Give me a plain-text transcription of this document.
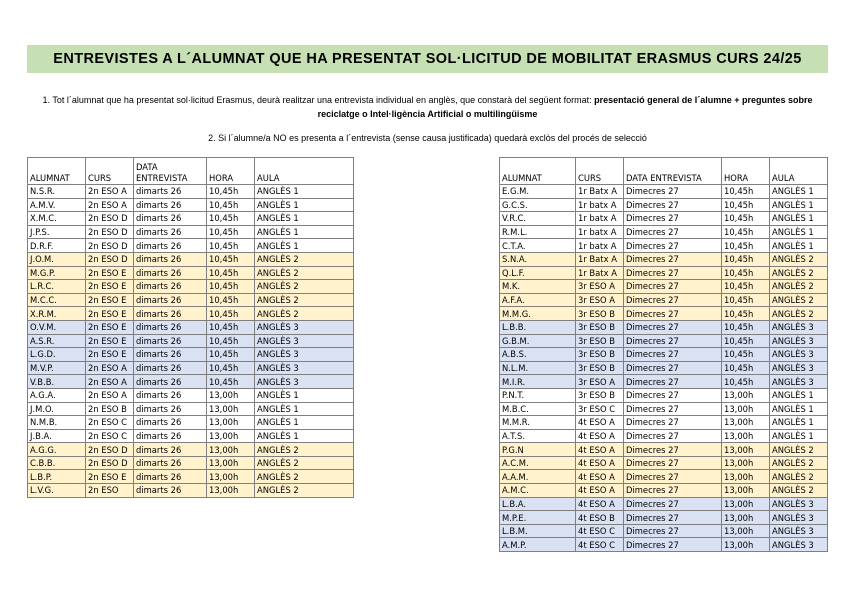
ENTREVISTES A L´ALUMNAT QUE HA PRESENTAT SOL·LICITUD DE MOBILITAT ERASMUS CURS 24/25
1. Tot l´alumnat que ha presentat sol·licitud Erasmus, deurà realitzar una entrevista individual en anglès, que constarà del següent format: presentació general de l´alumne + preguntes sobre reciclatge o Intel·ligència Artificial o multilingüisme
2. Si l´alumne/a NO es presenta a l´entrevista (sense causa justificada) quedarà exclòs del procés de selecció
ALUMNAT	CURS	DATA ENTREVISTA	HORA	AULA
N.S.R.	2n ESO A	dimarts 26	10,45h	ANGLÈS 1
A.M.V.	2n ESO A	dimarts 26	10,45h	ANGLÈS 1
X.M.C.	2n ESO D	dimarts 26	10,45h	ANGLÈS 1
J.P.S.	2n ESO D	dimarts 26	10,45h	ANGLÈS 1
D.R.F.	2n ESO D	dimarts 26	10,45h	ANGLÈS 1
J.O.M.	2n ESO D	dimarts 26	10,45h	ANGLÈS 2
M.G.P.	2n ESO E	dimarts 26	10,45h	ANGLÈS 2
L.R.C.	2n ESO E	dimarts 26	10,45h	ANGLÈS 2
M.C.C.	2n ESO E	dimarts 26	10,45h	ANGLÈS 2
X.R.M.	2n ESO E	dimarts 26	10,45h	ANGLÈS 2
O.V.M.	2n ESO E	dimarts 26	10,45h	ANGLÈS 3
A.S.R.	2n ESO E	dimarts 26	10,45h	ANGLÈS 3
L.G.D.	2n ESO E	dimarts 26	10,45h	ANGLÈS 3
M.V.P.	2n ESO A	dimarts 26	10,45h	ANGLÈS 3
V.B.B.	2n ESO A	dimarts 26	10,45h	ANGLÈS 3
A.G.A.	2n ESO A	dimarts 26	13,00h	ANGLÈS 1
J.M.O.	2n ESO B	dimarts 26	13,00h	ANGLÈS 1
N.M.B.	2n ESO C	dimarts 26	13,00h	ANGLÈS 1
J.B.A.	2n ESO C	dimarts 26	13,00h	ANGLÈS 1
A.G.G.	2n ESO D	dimarts 26	13,00h	ANGLÈS 2
C.B.B.	2n ESO D	dimarts 26	13,00h	ANGLÈS 2
L.B.P.	2n ESO E	dimarts 26	13,00h	ANGLÈS 2
L.V.G.	2n ESO	dimarts 26	13,00h	ANGLÈS 2
ALUMNAT	CURS	DATA ENTREVISTA	HORA	AULA
E.G.M.	1r Batx A	Dimecres 27	10,45h	ANGLÈS 1
G.C.S.	1r batx A	Dimecres 27	10,45h	ANGLÈS 1
V.R.C.	1r batx A	Dimecres 27	10,45h	ANGLÈS 1
R.M.L.	1r batx A	Dimecres 27	10,45h	ANGLÈS 1
C.T.A.	1r batx A	Dimecres 27	10,45h	ANGLÈS 1
S.N.A.	1r Batx A	Dimecres 27	10,45h	ANGLÈS 2
Q.L.F.	1r Batx A	Dimecres 27	10,45h	ANGLÈS 2
M.K.	3r ESO A	Dimecres 27	10,45h	ANGLÈS 2
A.F.A.	3r ESO A	Dimecres 27	10,45h	ANGLÈS 2
M.M.G.	3r ESO B	Dimecres 27	10,45h	ANGLÈS 2
L.B.B.	3r ESO B	Dimecres 27	10,45h	ANGLÈS 3
G.B.M.	3r ESO B	Dimecres 27	10,45h	ANGLÈS 3
A.B.S.	3r ESO B	Dimecres 27	10,45h	ANGLÈS 3
N.L.M.	3r ESO B	Dimecres 27	10,45h	ANGLÈS 3
M.I.R.	3r ESO A	Dimecres 27	10,45h	ANGLÈS 3
P.N.T.	3r ESO B	Dimecres 27	13,00h	ANGLÈS 1
M.B.C.	3r ESO C	Dimecres 27	13,00h	ANGLÈS 1
M.M.R.	4t ESO A	Dimecres 27	13,00h	ANGLÈS 1
A.T.S.	4t ESO A	Dimecres 27	13,00h	ANGLÈS 1
P.G.N	4t ESO A	Dimecres 27	13,00h	ANGLÈS 2
A.C.M.	4t ESO A	Dimecres 27	13,00h	ANGLÈS 2
A.A.M.	4t ESO A	Dimecres 27	13,00h	ANGLÈS 2
A.M.C.	4t ESO A	Dimecres 27	13,00h	ANGLÈS 2
L.B.A.	4t ESO A	Dimecres 27	13,00h	ANGLÈS 3
M.P.E.	4t ESO B	Dimecres 27	13,00h	ANGLÈS 3
L.B.M.	4t ESO C	Dimecres 27	13,00h	ANGLÈS 3
A.M.P.	4t ESO C	Dimecres 27	13,00h	ANGLÈS 3
